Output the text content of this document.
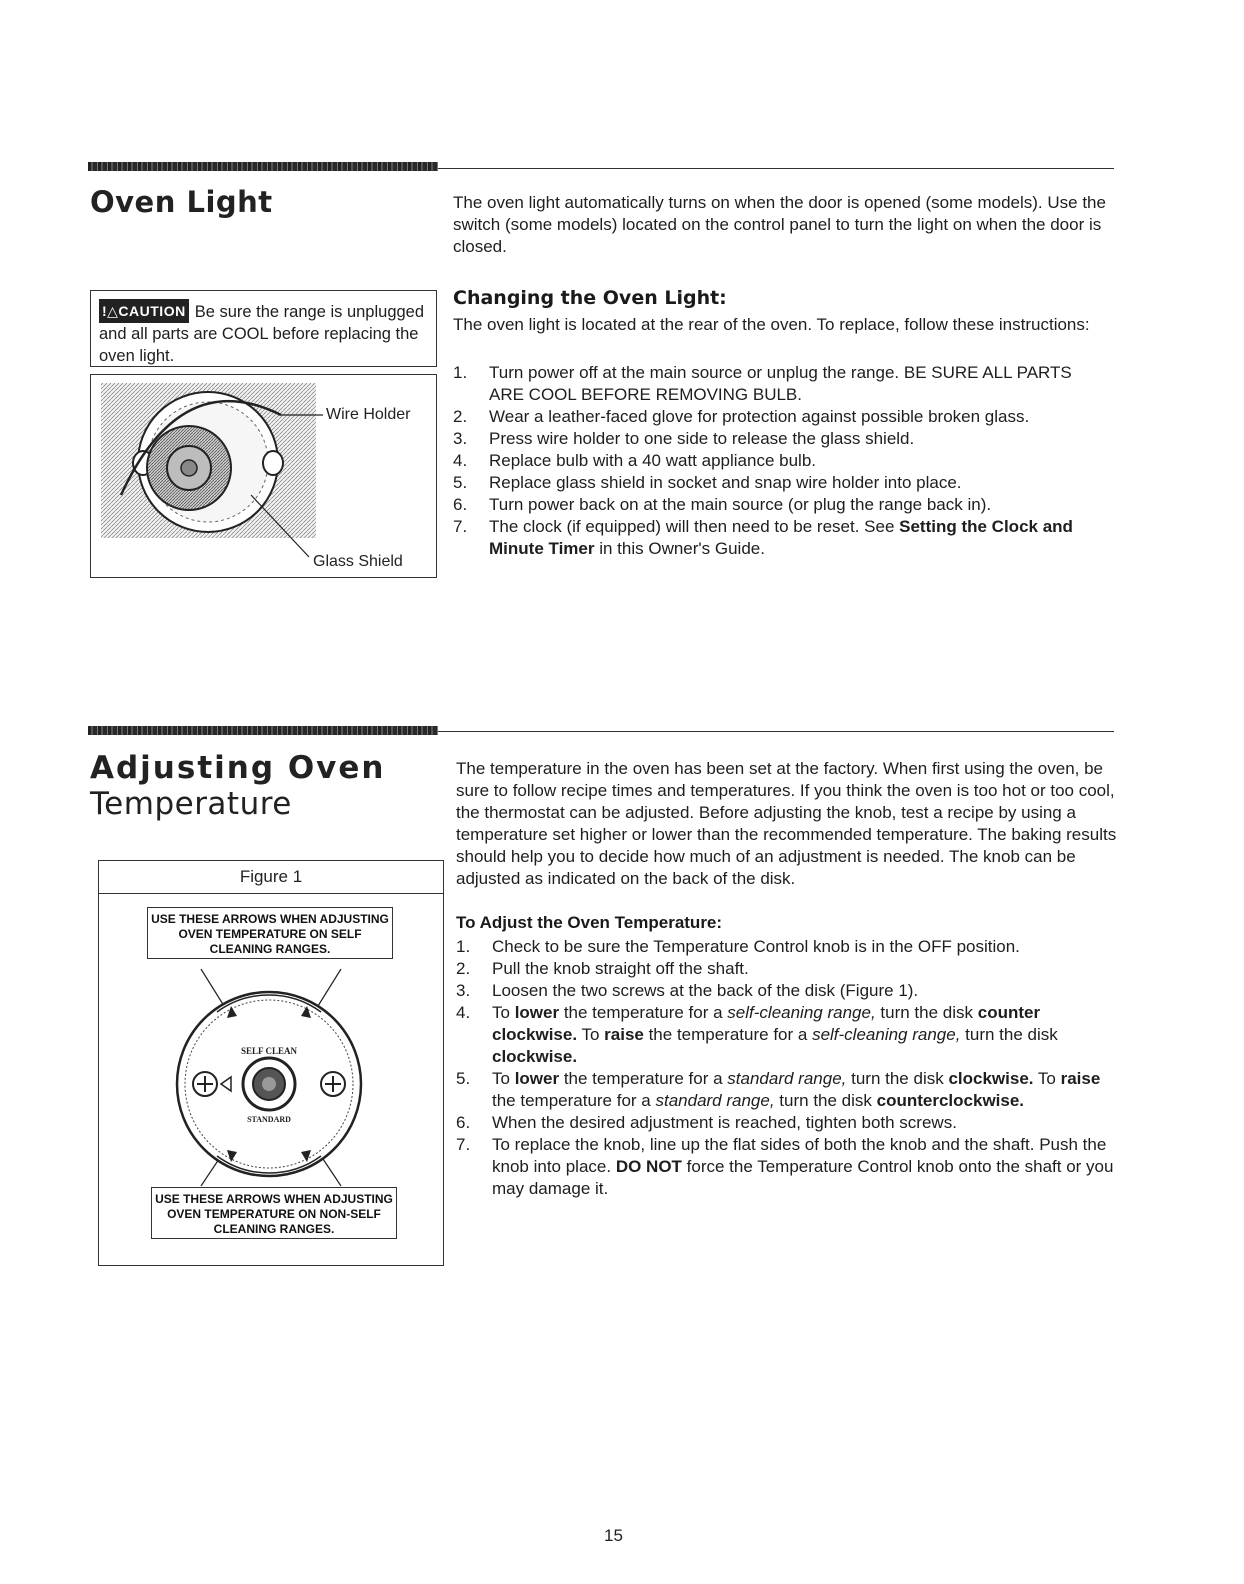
Oven Light	The oven light automatically turns on when the door is opened (some models). Use the switch (some models) located on the control panel to turn the light on when the door is closed.
!△CAUTION Be sure the range is unplugged and all parts are COOL before replacing the oven light.
Wire Holder
Glass Shield
Changing the Oven Light:
The oven light is located at the rear of the oven. To replace, follow these instructions:
1. Turn power off at the main source or unplug the range. BE SURE ALL PARTS ARE COOL BEFORE REMOVING BULB.
2. Wear a leather-faced glove for protection against possible broken glass.
3. Press wire holder to one side to release the glass shield.
4. Replace bulb with a 40 watt appliance bulb.
5. Replace glass shield in socket and snap wire holder into place.
6. Turn power back on at the main source (or plug the range back in).
7. The clock (if equipped) will then need to be reset. See Setting the Clock and Minute Timer in this Owner's Guide.
Adjusting Oven
Temperature
The temperature in the oven has been set at the factory. When first using the oven, be sure to follow recipe times and temperatures. If you think the oven is too hot or too cool, the thermostat can be adjusted. Before adjusting the knob, test a recipe by using a temperature set higher or lower than the recommended temperature. The baking results should help you to decide how much of an adjustment is needed. The knob can be adjusted as indicated on the back of the disk.
Figure 1
SELF CLEAN
STANDARD
USE THESE ARROWS WHEN ADJUSTING OVEN TEMPERATURE ON SELF CLEANING RANGES.
USE THESE ARROWS WHEN ADJUSTING OVEN TEMPERATURE ON NON-SELF CLEANING RANGES.
To Adjust the Oven Temperature:
1. Check to be sure the Temperature Control knob is in the OFF position.
2. Pull the knob straight off the shaft.
3. Loosen the two screws at the back of the disk (Figure 1).
4. To lower the temperature for a self-cleaning range, turn the disk counter clockwise. To raise the temperature for a self-cleaning range, turn the disk clockwise.
5. To lower the temperature for a standard range, turn the disk clockwise. To raise the temperature for a standard range, turn the disk counterclockwise.
6. When the desired adjustment is reached, tighten both screws.
7. To replace the knob, line up the flat sides of both the knob and the shaft. Push the knob into place. DO NOT force the Temperature Control knob onto the shaft or you may damage it.
15
